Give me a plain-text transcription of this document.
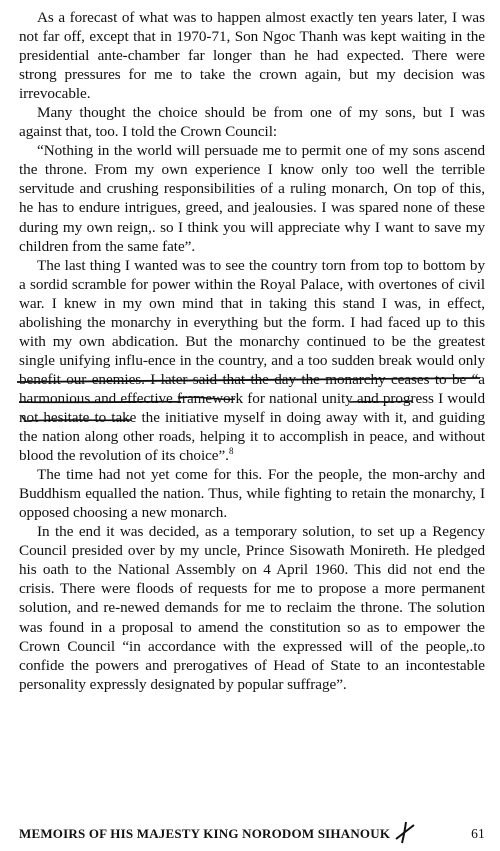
As a forecast of what was to happen almost exactly ten years later, I was not far off, except that in 1970-71, Son Ngoc Thanh was kept waiting in the presidential ante-chamber far longer than he had expected. There were strong pressures for me to take the crown again, but my decision was irrevocable.

Many thought the choice should be from one of my sons, but I was against that, too. I told the Crown Council:

“Nothing in the world will persuade me to permit one of my sons ascend the throne. From my own experience I know only too well the terrible servitude and crushing responsibilities of a ruling monarch, On top of this, he has to endure intrigues, greed, and jealousies. I was spared none of these during my own reign,. so I think you will appreciate why I want to save my children from the same fate”.

The last thing I wanted was to see the country torn from top to bottom by a sordid scramble for power within the Royal Palace, with overtones of civil war. I knew in my own mind that in taking this stand I was, in effect, abolishing the monarchy in everything but the form. I had faced up to this with my own abdication. But the monarchy continued to be the greatest single unifying influ-ence in the country, and a too sudden break would only benefit our enemies. I later said that the day the monarchy ceases to be “a harmonious and effective framework for national unity and progress I would not hesitate to take the initiative myself in doing away with it, and guiding the nation along other roads, helping it to accomplish in peace, and without blood the revolution of its choice”.$^8$

The time had not yet come for this. For the people, the mon-archy and Buddhism equalled the nation. Thus, while fighting to retain the monarchy, I opposed choosing a new monarch.

In the end it was decided, as a temporary solution, to set up a Regency Council presided over by my uncle, Prince Sisowath Monireth. He pledged his oath to the National Assembly on 4 April 1960. This did not end the crisis. There were floods of requests for me to propose a more permanent solution, and re-newed demands for me to reclaim the throne. The solution was found in a proposal to amend the constitution so as to empower the Crown Council “in accordance with the expressed will of the people,.to confide the powers and prerogatives of Head of State to an incontestable personality expressly designated by popular suffrage”.

MEMOIRS OF HIS MAJESTY KING NORODOM SIHANOUK	61
